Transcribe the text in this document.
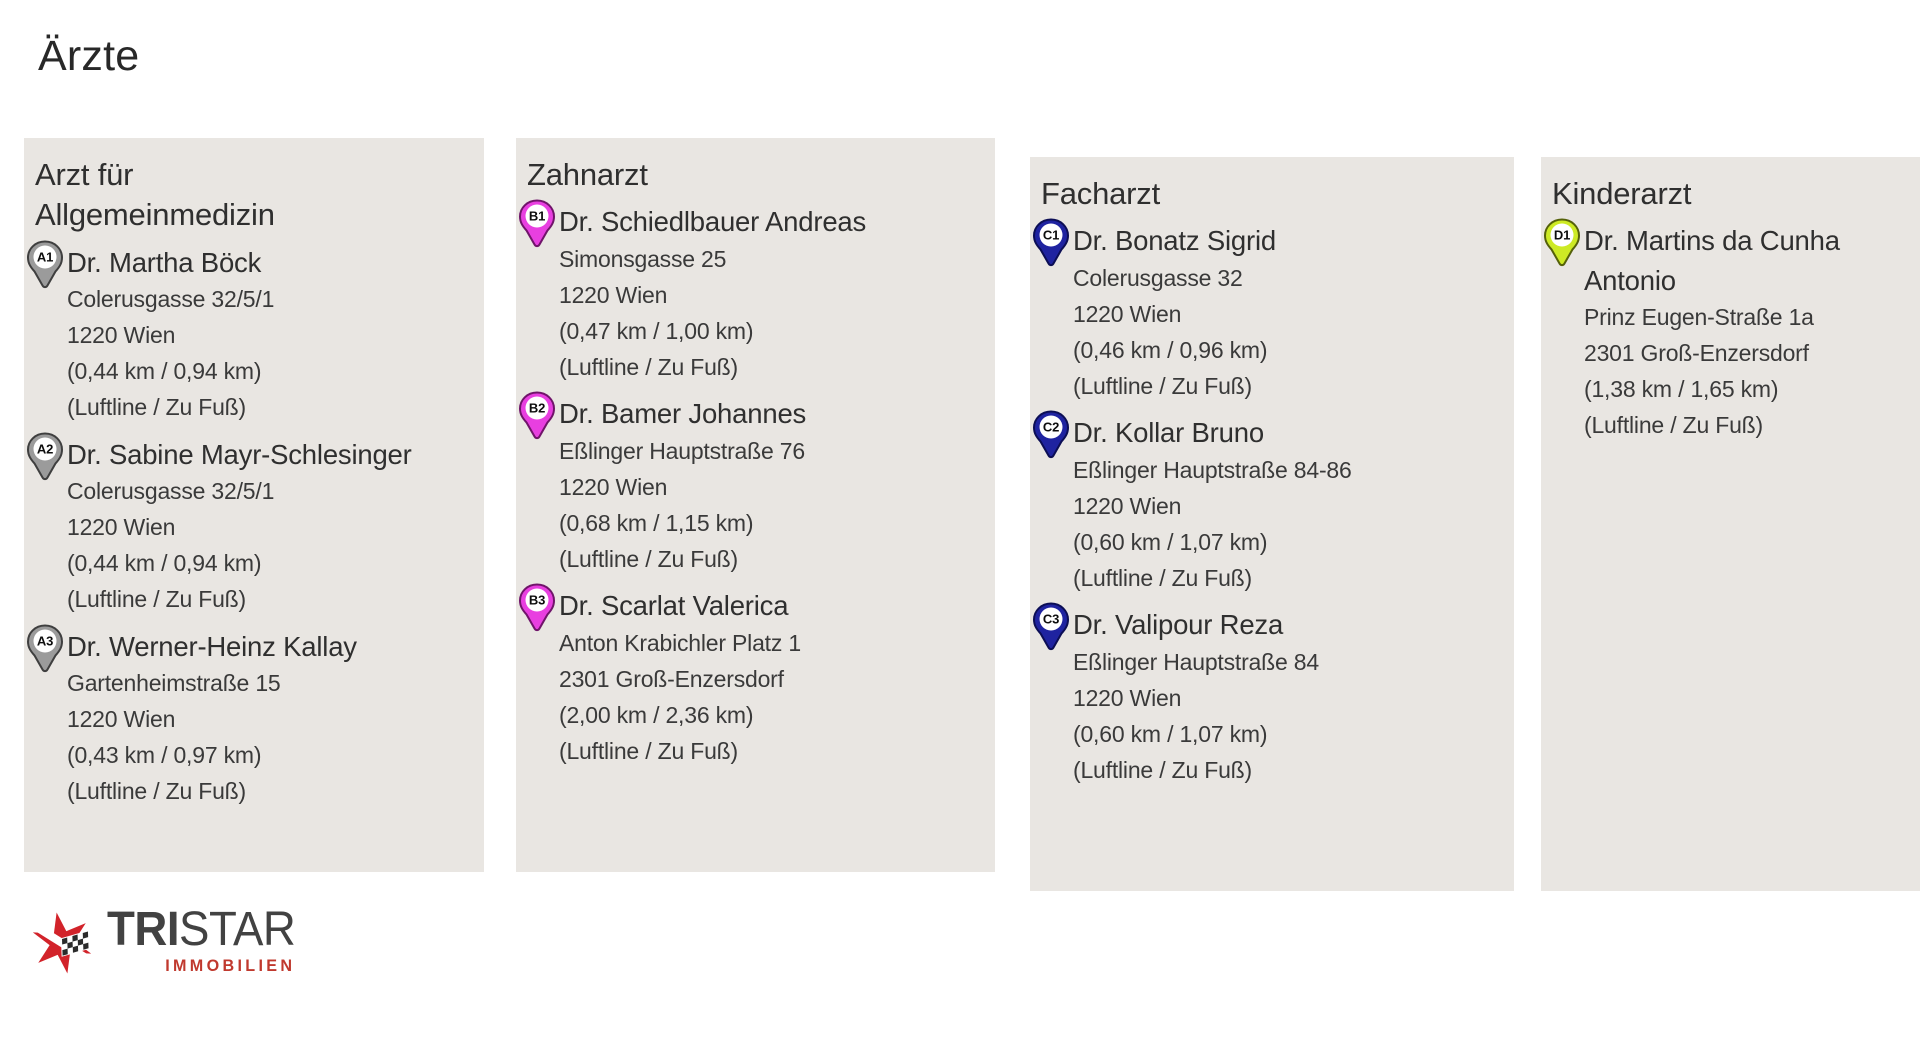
Ärzte
Arzt für Allgemeinmedizin
A1 Dr. Martha Böck
Colerusgasse 32/5/1
1220 Wien
(0,44 km / 0,94 km)
(Luftline / Zu Fuß)
A2 Dr. Sabine Mayr-Schlesinger
Colerusgasse 32/5/1
1220 Wien
(0,44 km / 0,94 km)
(Luftline / Zu Fuß)
A3 Dr. Werner-Heinz Kallay
Gartenheimstraße 15
1220 Wien
(0,43 km / 0,97 km)
(Luftline / Zu Fuß)
Zahnarzt
B1 Dr. Schiedlbauer Andreas
Simonsgasse 25
1220 Wien
(0,47 km / 1,00 km)
(Luftline / Zu Fuß)
B2 Dr. Bamer Johannes
Eßlinger Hauptstraße 76
1220 Wien
(0,68 km / 1,15 km)
(Luftline / Zu Fuß)
B3 Dr. Scarlat Valerica
Anton Krabichler Platz 1
2301 Groß-Enzersdorf
(2,00 km / 2,36 km)
(Luftline / Zu Fuß)
Facharzt
C1 Dr. Bonatz Sigrid
Colerusgasse 32
1220 Wien
(0,46 km / 0,96 km)
(Luftline / Zu Fuß)
C2 Dr. Kollar Bruno
Eßlinger Hauptstraße 84-86
1220 Wien
(0,60 km / 1,07 km)
(Luftline / Zu Fuß)
C3 Dr. Valipour Reza
Eßlinger Hauptstraße 84
1220 Wien
(0,60 km / 1,07 km)
(Luftline / Zu Fuß)
Kinderarzt
D1 Dr. Martins da Cunha Antonio
Prinz Eugen-Straße 1a
2301 Groß-Enzersdorf
(1,38 km / 1,65 km)
(Luftline / Zu Fuß)
TRISTAR
IMMOBILIEN
